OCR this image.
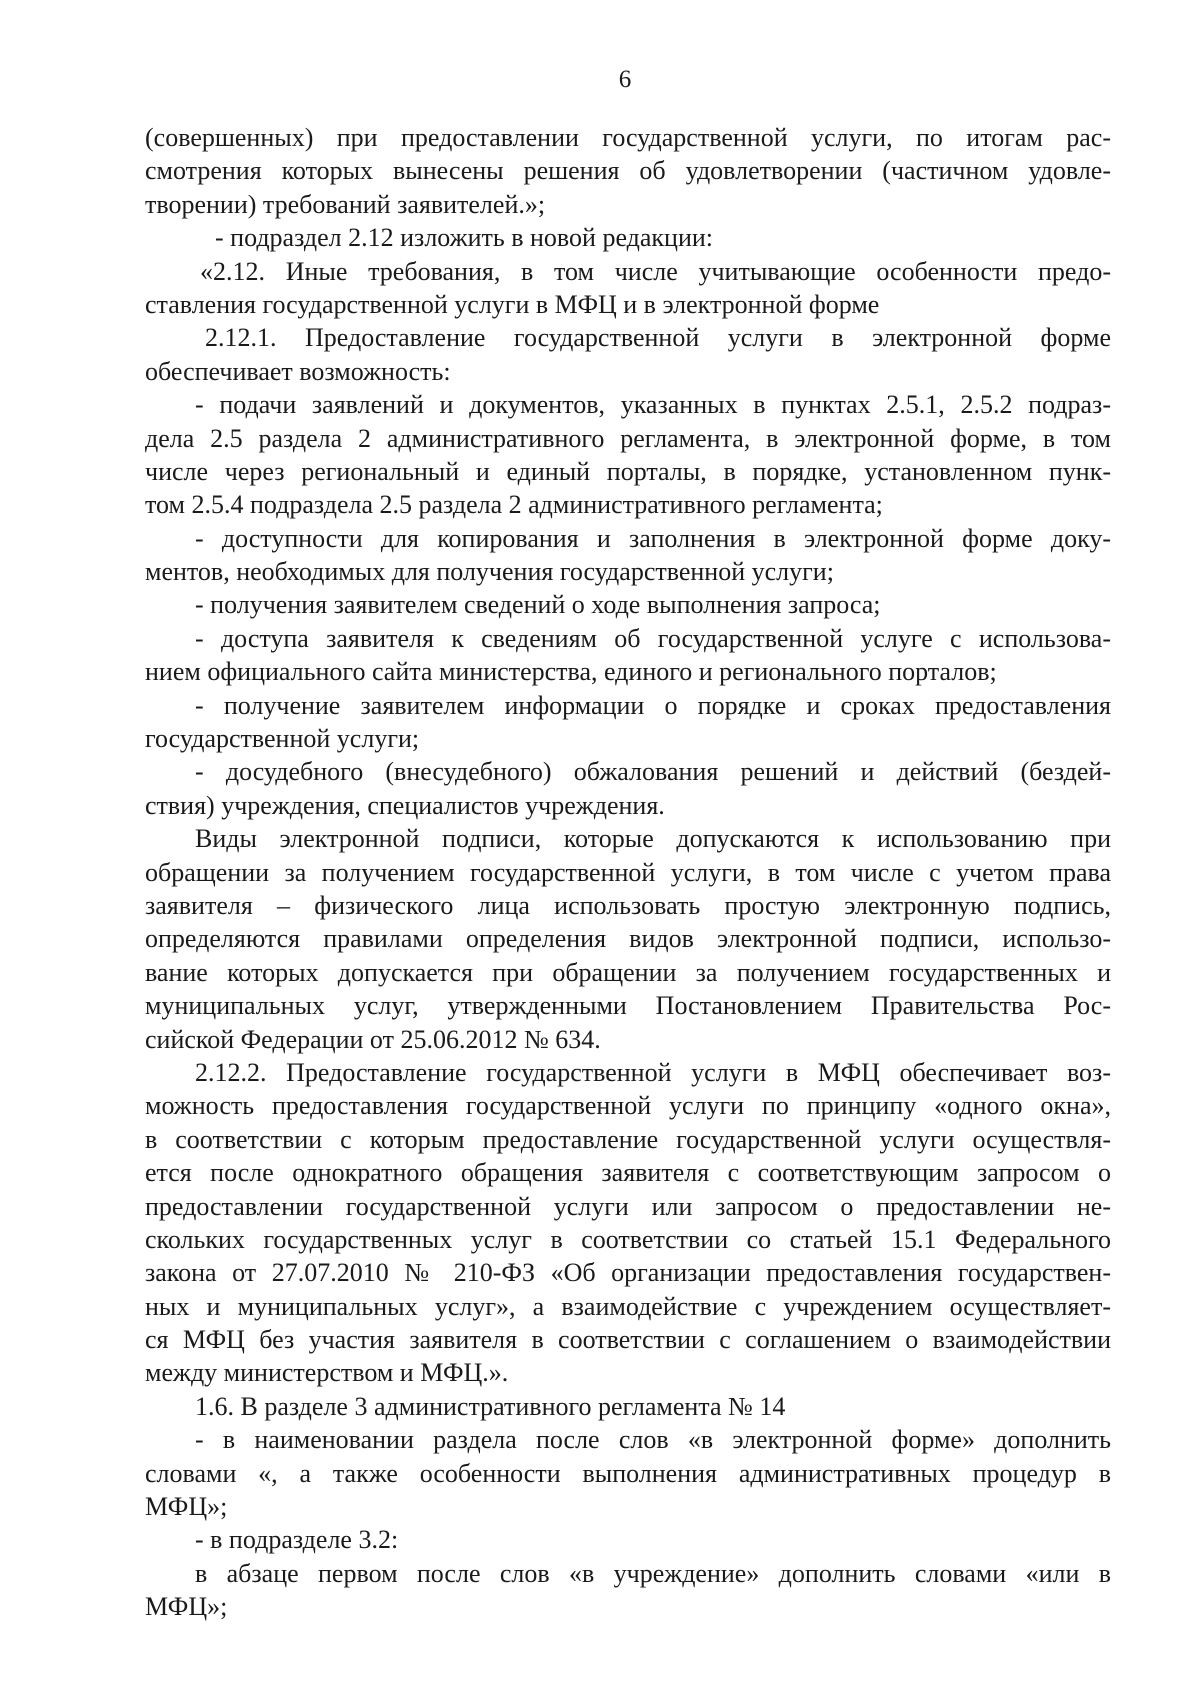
6
(совершенных) при предоставлении государственной услуги, по итогам рас-
смотрения которых вынесены решения об удовлетворении (частичном удовле-
творении) требований заявителей.»;
- подраздел 2.12 изложить в новой редакции:
«2.12. Иные требования, в том числе учитывающие особенности предо-
ставления государственной услуги в МФЦ и в электронной форме
2.12.1. Предоставление государственной услуги в электронной форме
обеспечивает возможность:
- подачи заявлений и документов, указанных в пунктах 2.5.1, 2.5.2 подраз-
дела 2.5 раздела 2 административного регламента, в электронной форме, в том
числе через региональный и единый порталы, в порядке, установленном пунк-
том 2.5.4 подраздела 2.5 раздела 2 административного регламента;
- доступности для копирования и заполнения в электронной форме доку-
ментов, необходимых для получения государственной услуги;
- получения заявителем сведений о ходе выполнения запроса;
- доступа заявителя к сведениям об государственной услуге с использова-
нием официального сайта министерства, единого и регионального порталов;
- получение заявителем информации о порядке и сроках предоставления
государственной услуги;
- досудебного (внесудебного) обжалования решений и действий (бездей-
ствия) учреждения, специалистов учреждения.
Виды электронной подписи, которые допускаются к использованию при
обращении за получением государственной услуги, в том числе с учетом права
заявителя – физического лица использовать простую электронную подпись,
определяются правилами определения видов электронной подписи, использо-
вание которых допускается при обращении за получением государственных и
муниципальных услуг, утвержденными Постановлением Правительства Рос-
сийской Федерации от 25.06.2012 № 634.
2.12.2. Предоставление государственной услуги в МФЦ обеспечивает воз-
можность предоставления государственной услуги по принципу «одного окна»,
в соответствии с которым предоставление государственной услуги осуществля-
ется после однократного обращения заявителя с соответствующим запросом о
предоставлении государственной услуги или запросом о предоставлении не-
скольких государственных услуг в соответствии со статьей 15.1 Федерального
закона от 27.07.2010 № 210-ФЗ «Об организации предоставления государствен-
ных и муниципальных услуг», а взаимодействие с учреждением осуществляет-
ся МФЦ без участия заявителя в соответствии с соглашением о взаимодействии
между министерством и МФЦ.».
1.6. В разделе 3 административного регламента № 14
- в наименовании раздела после слов «в электронной форме» дополнить
словами «, а также особенности выполнения административных процедур в
МФЦ»;
- в подразделе 3.2:
в абзаце первом после слов «в учреждение» дополнить словами «или в
МФЦ»;
